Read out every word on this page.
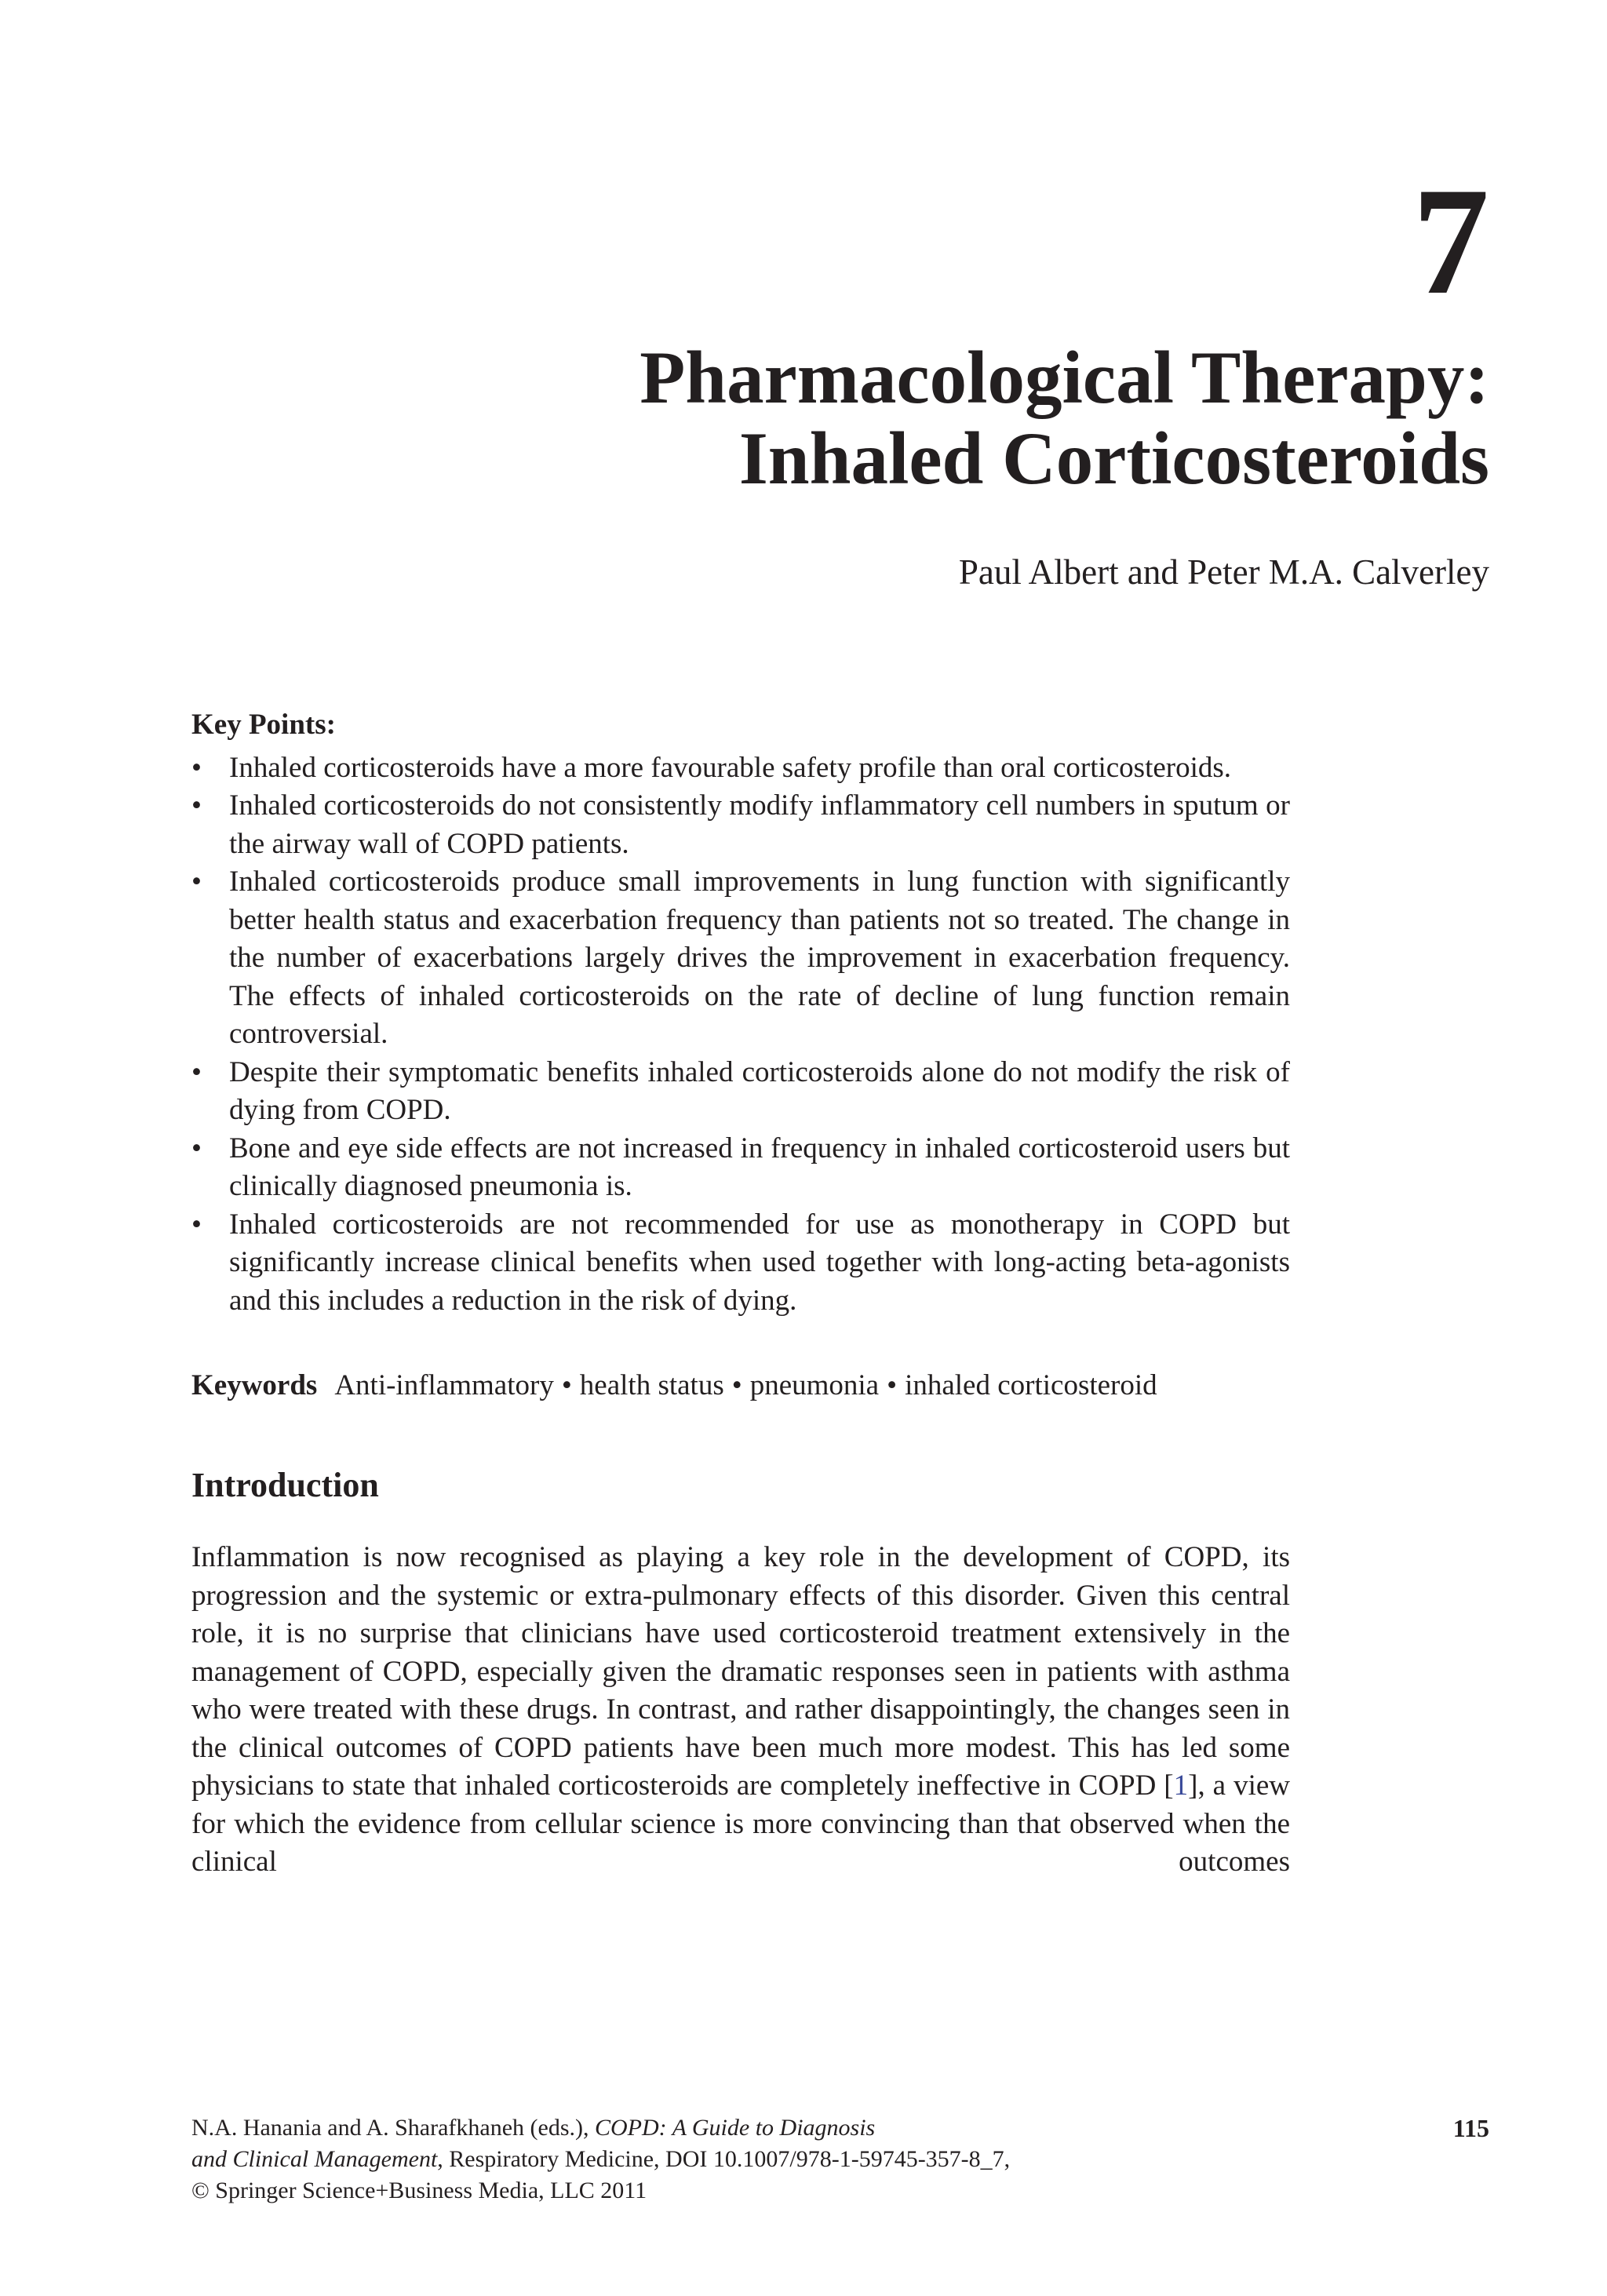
7
Pharmacological Therapy:
Inhaled Corticosteroids
Paul Albert and Peter M.A. Calverley
Key Points:
• Inhaled corticosteroids have a more favourable safety profile than oral corticosteroids.
• Inhaled corticosteroids do not consistently modify inflammatory cell numbers in sputum or the airway wall of COPD patients.
• Inhaled corticosteroids produce small improvements in lung function with significantly better health status and exacerbation frequency than patients not so treated. The change in the number of exacerbations largely drives the improvement in exacerbation frequency. The effects of inhaled corticosteroids on the rate of decline of lung function remain controversial.
• Despite their symptomatic benefits inhaled corticosteroids alone do not modify the risk of dying from COPD.
• Bone and eye side effects are not increased in frequency in inhaled corticosteroid users but clinically diagnosed pneumonia is.
• Inhaled corticosteroids are not recommended for use as monotherapy in COPD but significantly increase clinical benefits when used together with long-acting beta-agonists and this includes a reduction in the risk of dying.
Keywords Anti-inflammatory • health status • pneumonia • inhaled corticosteroid
Introduction
Inflammation is now recognised as playing a key role in the development of COPD, its progression and the systemic or extra-pulmonary effects of this disorder. Given this central role, it is no surprise that clinicians have used corticosteroid treatment extensively in the management of COPD, especially given the dramatic responses seen in patients with asthma who were treated with these drugs. In contrast, and rather disappointingly, the changes seen in the clinical outcomes of COPD patients have been much more modest. This has led some physicians to state that inhaled corticosteroids are completely ineffective in COPD [1], a view for which the evidence from cellular science is more convincing than that observed when the clinical outcomes
N.A. Hanania and A. Sharafkhaneh (eds.), COPD: A Guide to Diagnosis
and Clinical Management, Respiratory Medicine, DOI 10.1007/978-1-59745-357-8_7,
© Springer Science+Business Media, LLC 2011
115
